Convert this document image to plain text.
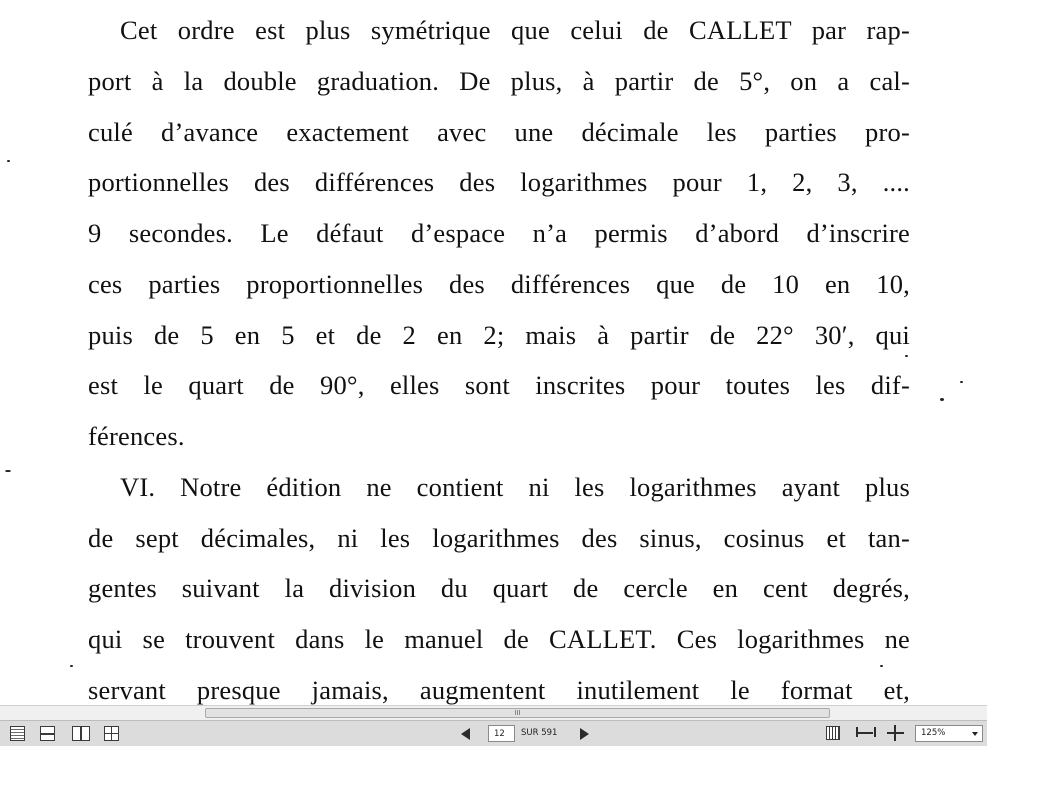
Cet ordre est plus symétrique que celui de CALLET par rap-
port à la double graduation. De plus, à partir de 5°, on a cal-
culé d’avance exactement avec une décimale les parties pro-
portionnelles des différences des logarithmes pour 1, 2, 3, ....
9 secondes. Le défaut d’espace n’a permis d’abord d’inscrire
ces parties proportionnelles des différences que de 10 en 10,
puis de 5 en 5 et de 2 en 2; mais à partir de 22° 30′, qui
est le quart de 90°, elles sont inscrites pour toutes les dif-
férences.
VI. Notre édition ne contient ni les logarithmes ayant plus
de sept décimales, ni les logarithmes des sinus, cosinus et tan-
gentes suivant la division du quart de cercle en cent degrés,
qui se trouvent dans le manuel de CALLET. Ces logarithmes ne
servant presque jamais, augmentent inutilement le format et,
III
12
SUR 591	125%
